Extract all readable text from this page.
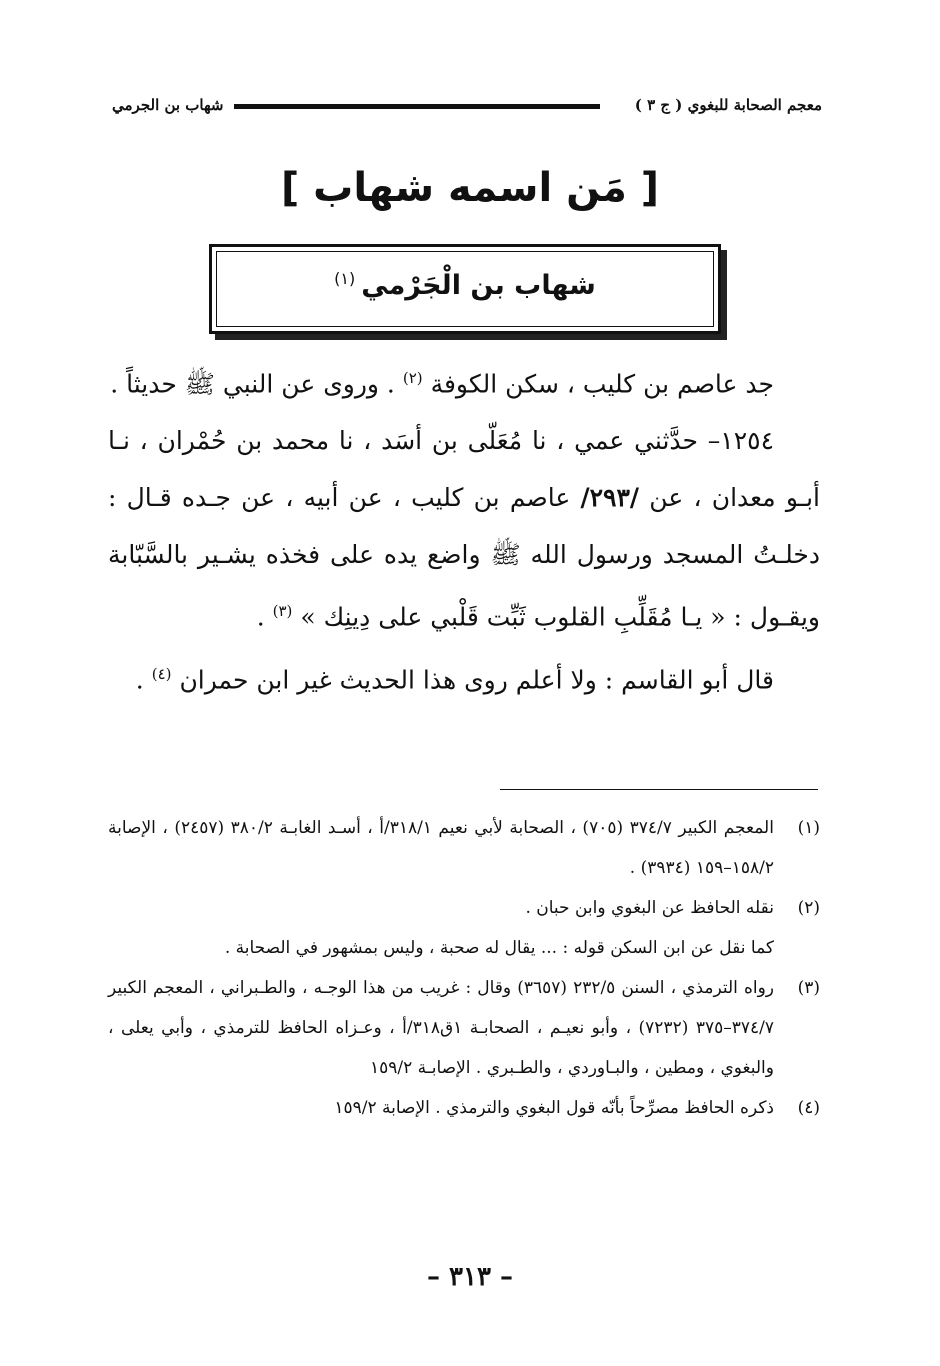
معجم الصحابة للبغوي ( ج ٣ )
شهاب بن الجرمي
[ مَن اسمه شهاب ]
شهاب بن الْجَرْمي$^{(١)}$

جد عاصم بن كليب ، سكن الكوفة $^{(٢)}$ . وروى عن النبي ﷺ حديثاً .

١٢٥٤– حدَّثني عمي ، نا مُعَلّى بن أسَد ، نا محمد بن حُمْران ، نـا أبـو معدان ، عن /٢٩٣/ عاصم بن كليب ، عن أبيه ، عن جـده قـال : دخلـتُ المسجد ورسول الله ﷺ واضع يده على فخذه يشـير بالسَّبّابة ويقـول : « يـا مُقَلِّبِ القلوب ثَبِّت قَلْبي على دِينِك » $^{(٣)}$ .

قال أبو القاسم : ولا أعلم روى هذا الحديث غير ابن حمران $^{(٤)}$ .

(١)
المعجم الكبير ٣٧٤/٧ (٧٠٥) ، الصحابة لأبي نعيم ٣١٨/١/أ ، أسـد الغابـة ٣٨٠/٢ (٢٤٥٧) ، الإصابة ١٥٨/٢–١٥٩ (٣٩٣٤) .
(٢)
نقله الحافظ عن البغوي وابن حبان .
كما نقل عن ابن السكن قوله : ... يقال له صحبة ، وليس بمشهور في الصحابة .
(٣)
رواه الترمذي ، السنن ٢٣٢/٥ (٣٦٥٧) وقال : غريب من هذا الوجـه ، والطـبراني ، المعجم الكبير ٣٧٤/٧–٣٧٥ (٧٢٣٢) ، وأبو نعيـم ، الصحابـة ١ق٣١٨/أ ، وعـزاه الحافظ للترمذي ، وأبي يعلى ، والبغوي ، ومطين ، والبـاوردي ، والطـبري . الإصابـة ١٥٩/٢
(٤)
ذكره الحافظ مصرِّحاً بأنّه قول البغوي والترمذي . الإصابة ١٥٩/٢
– ٣١٣ –
